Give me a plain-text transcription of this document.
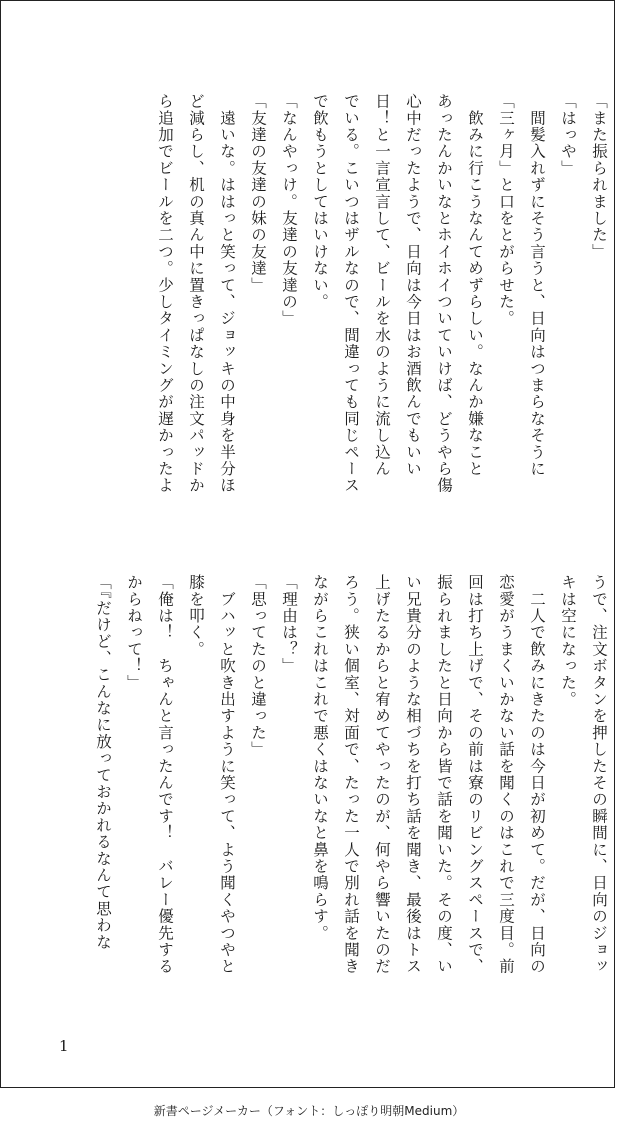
「また振られました」
「はっや」
　間髪入れずにそう言うと、日向はつまらなそうに
「三ヶ月」と口をとがらせた。
　飲みに行こうなんてめずらしい。なんか嫌なこと
あったんかいなとホイホイついていけば、どうやら傷
心中だったようで、日向は今日はお酒飲んでもいい
日！と一言宣言して、ビールを水のように流し込ん
でいる。こいつはザルなので、間違っても同じペース
で飲もうとしてはいけない。
「なんやっけ。友達の友達の」
「友達の友達の妹の友達」
　遠いな。ははっと笑って、ジョッキの中身を半分ほ
ど減らし、机の真ん中に置きっぱなしの注文パッドか
ら追加でビールを二つ。少しタイミングが遅かったよ
うで、注文ボタンを押したその瞬間に、日向のジョッ
キは空になった。
　二人で飲みにきたのは今日が初めて。だが、日向の
恋愛がうまくいかない話を聞くのはこれで三度目。前
回は打ち上げで、その前は寮のリビングスペースで、
振られましたと日向から皆で話を聞いた。その度、い
い兄貴分のような相づちを打ち話を聞き、最後はトス
上げたるからと宥めてやったのが、何やら響いたのだ
ろう。狭い個室、対面で、たった一人で別れ話を聞き
ながらこれはこれで悪くはないなと鼻を鳴らす。
「理由は？」
「思ってたのと違った」
　ブハッと吹き出すように笑って、よう聞くやつやと
膝を叩く。
「俺は！　ちゃんと言ったんです！　バレー優先する
からねって！」
「『だけど、こんなに放っておかれるなんて思わな
1
新書ページメーカー（フォント：しっぽり明朝Medium）
